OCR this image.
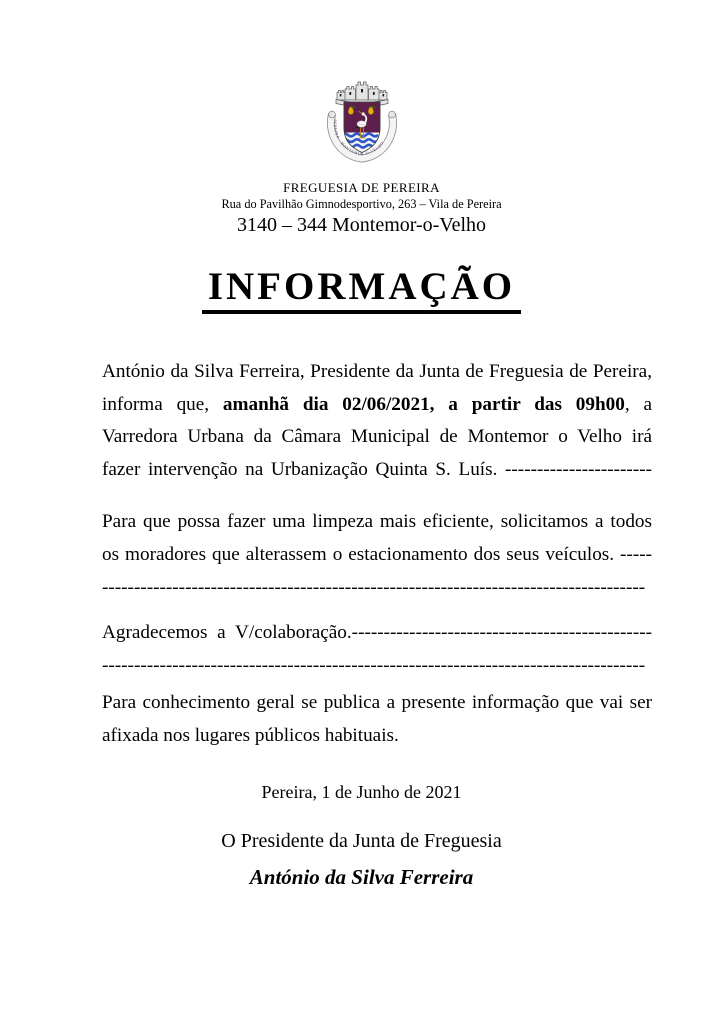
PEREIRA · MONTEMOR-O-VELHO
FREGUESIA DE PEREIRA
Rua do Pavilhão Gimnodesportivo, 263 – Vila de Pereira
3140 – 344 Montemor-o-Velho
INFORMAÇÃO
António da Silva Ferreira, Presidente da Junta de Freguesia de Pereira,
informa que, amanhã dia 02/06/2021, a partir das 09h00, a
Varredora Urbana da Câmara Municipal de Montemor o Velho irá
fazer intervenção na Urbanização Quinta S. Luís. -----------------------
Para que possa fazer uma limpeza mais eficiente, solicitamos a todos
os moradores que alterassem o estacionamento dos seus veículos. -----
-------------------------------------------------------------------------------------
Agradecemos a V/colaboração.-----------------------------------------------
-------------------------------------------------------------------------------------
Para conhecimento geral se publica a presente informação que vai ser
afixada nos lugares públicos habituais.
Pereira, 1 de Junho de 2021
O Presidente da Junta de Freguesia
António da Silva Ferreira
